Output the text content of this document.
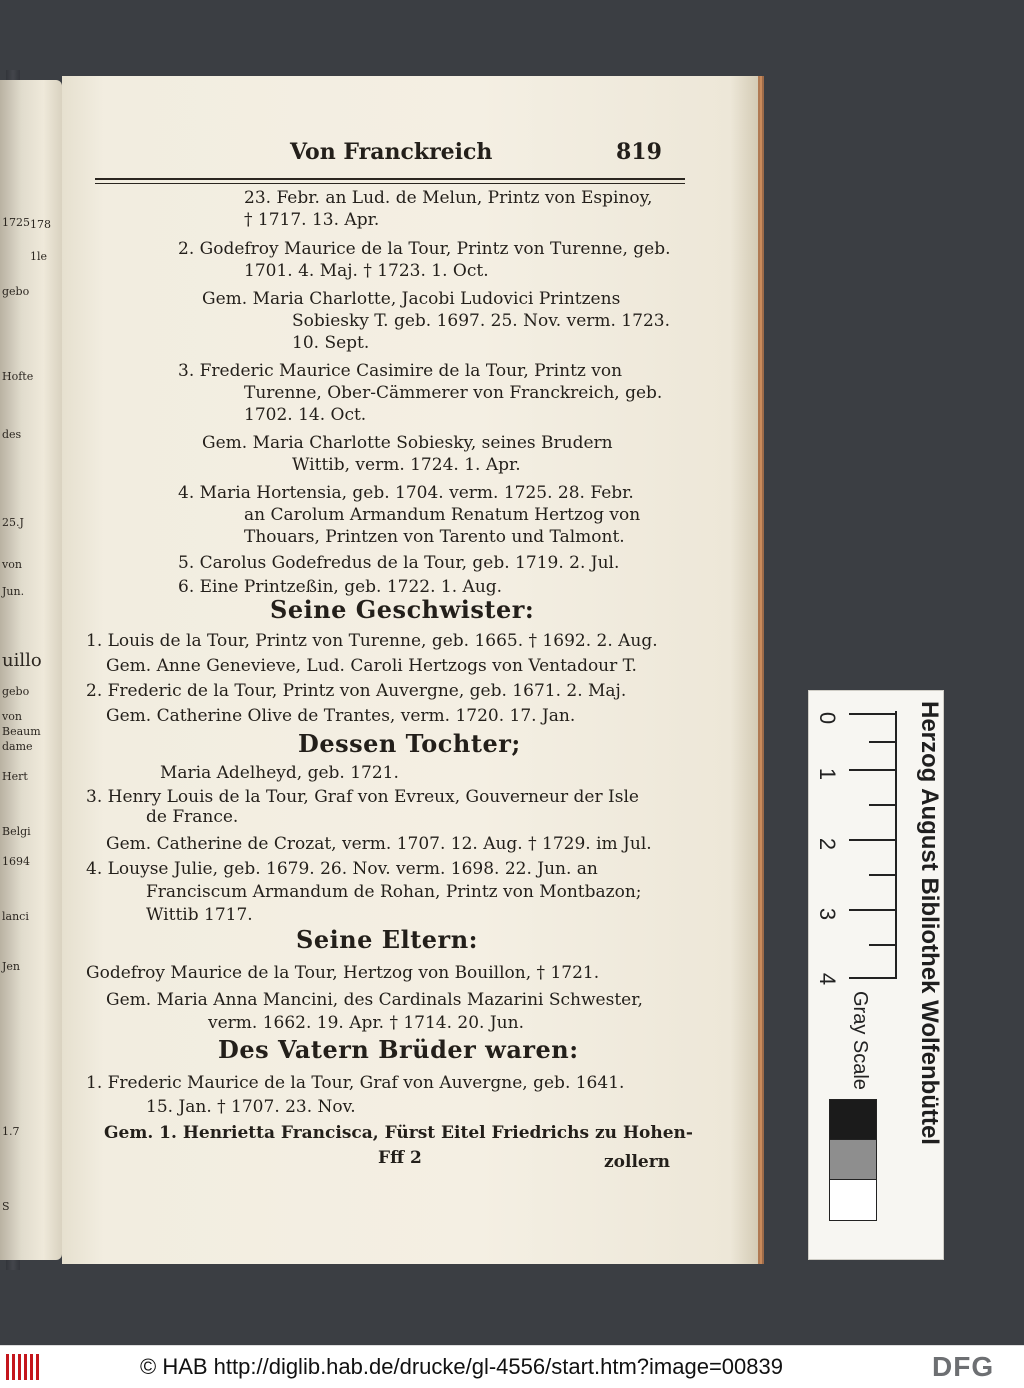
1725 178
1le
gebo
Hofte
des
25.J
von
Jun.
uillo
gebo
von
Beaum
dame
Hert
Belgi
1694
lanci
Jen
1.7
S
Von Franckreich	819
23. Febr. an Lud. de Melun, Printz von Espinoy,
† 1717. 13. Apr.
2. Godefroy Maurice de la Tour, Printz von Turenne, geb.
1701. 4. Maj. † 1723. 1. Oct.
Gem. Maria Charlotte, Jacobi Ludovici Printzens
Sobiesky T. geb. 1697. 25. Nov. verm. 1723.
10. Sept.
3. Frederic Maurice Casimire de la Tour, Printz von
Turenne, Ober-Cämmerer von Franckreich, geb.
1702. 14. Oct.
Gem. Maria Charlotte Sobiesky, seines Brudern
Wittib, verm. 1724. 1. Apr.
4. Maria Hortensia, geb. 1704. verm. 1725. 28. Febr.
an Carolum Armandum Renatum Hertzog von
Thouars, Printzen von Tarento und Talmont.
5. Carolus Godefredus de la Tour, geb. 1719. 2. Jul.
6. Eine Printzeßin, geb. 1722. 1. Aug.
Seine Geschwister:
1. Louis de la Tour, Printz von Turenne, geb. 1665. † 1692. 2. Aug.
Gem. Anne Genevieve, Lud. Caroli Hertzogs von Ventadour T.
2. Frederic de la Tour, Printz von Auvergne, geb. 1671. 2. Maj.
Gem. Catherine Olive de Trantes, verm. 1720. 17. Jan.
Dessen Tochter;
Maria Adelheyd, geb. 1721.
3. Henry Louis de la Tour, Graf von Evreux, Gouverneur der Isle
de France.
Gem. Catherine de Crozat, verm. 1707. 12. Aug. † 1729. im Jul.
4. Louyse Julie, geb. 1679. 26. Nov. verm. 1698. 22. Jun. an
Franciscum Armandum de Rohan, Printz von Montbazon;
Wittib 1717.
Seine Eltern:
Godefroy Maurice de la Tour, Hertzog von Bouillon, † 1721.
Gem. Maria Anna Mancini, des Cardinals Mazarini Schwester,
verm. 1662. 19. Apr. † 1714. 20. Jun.
Des Vatern Brüder waren:
1. Frederic Maurice de la Tour, Graf von Auvergne, geb. 1641.
15. Jan. † 1707. 23. Nov.
Gem. 1. Henrietta Francisca, Fürst Eitel Friedrichs zu Hohen-
Fff 2	zollern
0
1
2
3
4	Herzog August Bibliothek Wolfenbüttel
Gray Scale
© HAB http://diglib.hab.de/drucke/gl-4556/start.htm?image=00839	DFG
